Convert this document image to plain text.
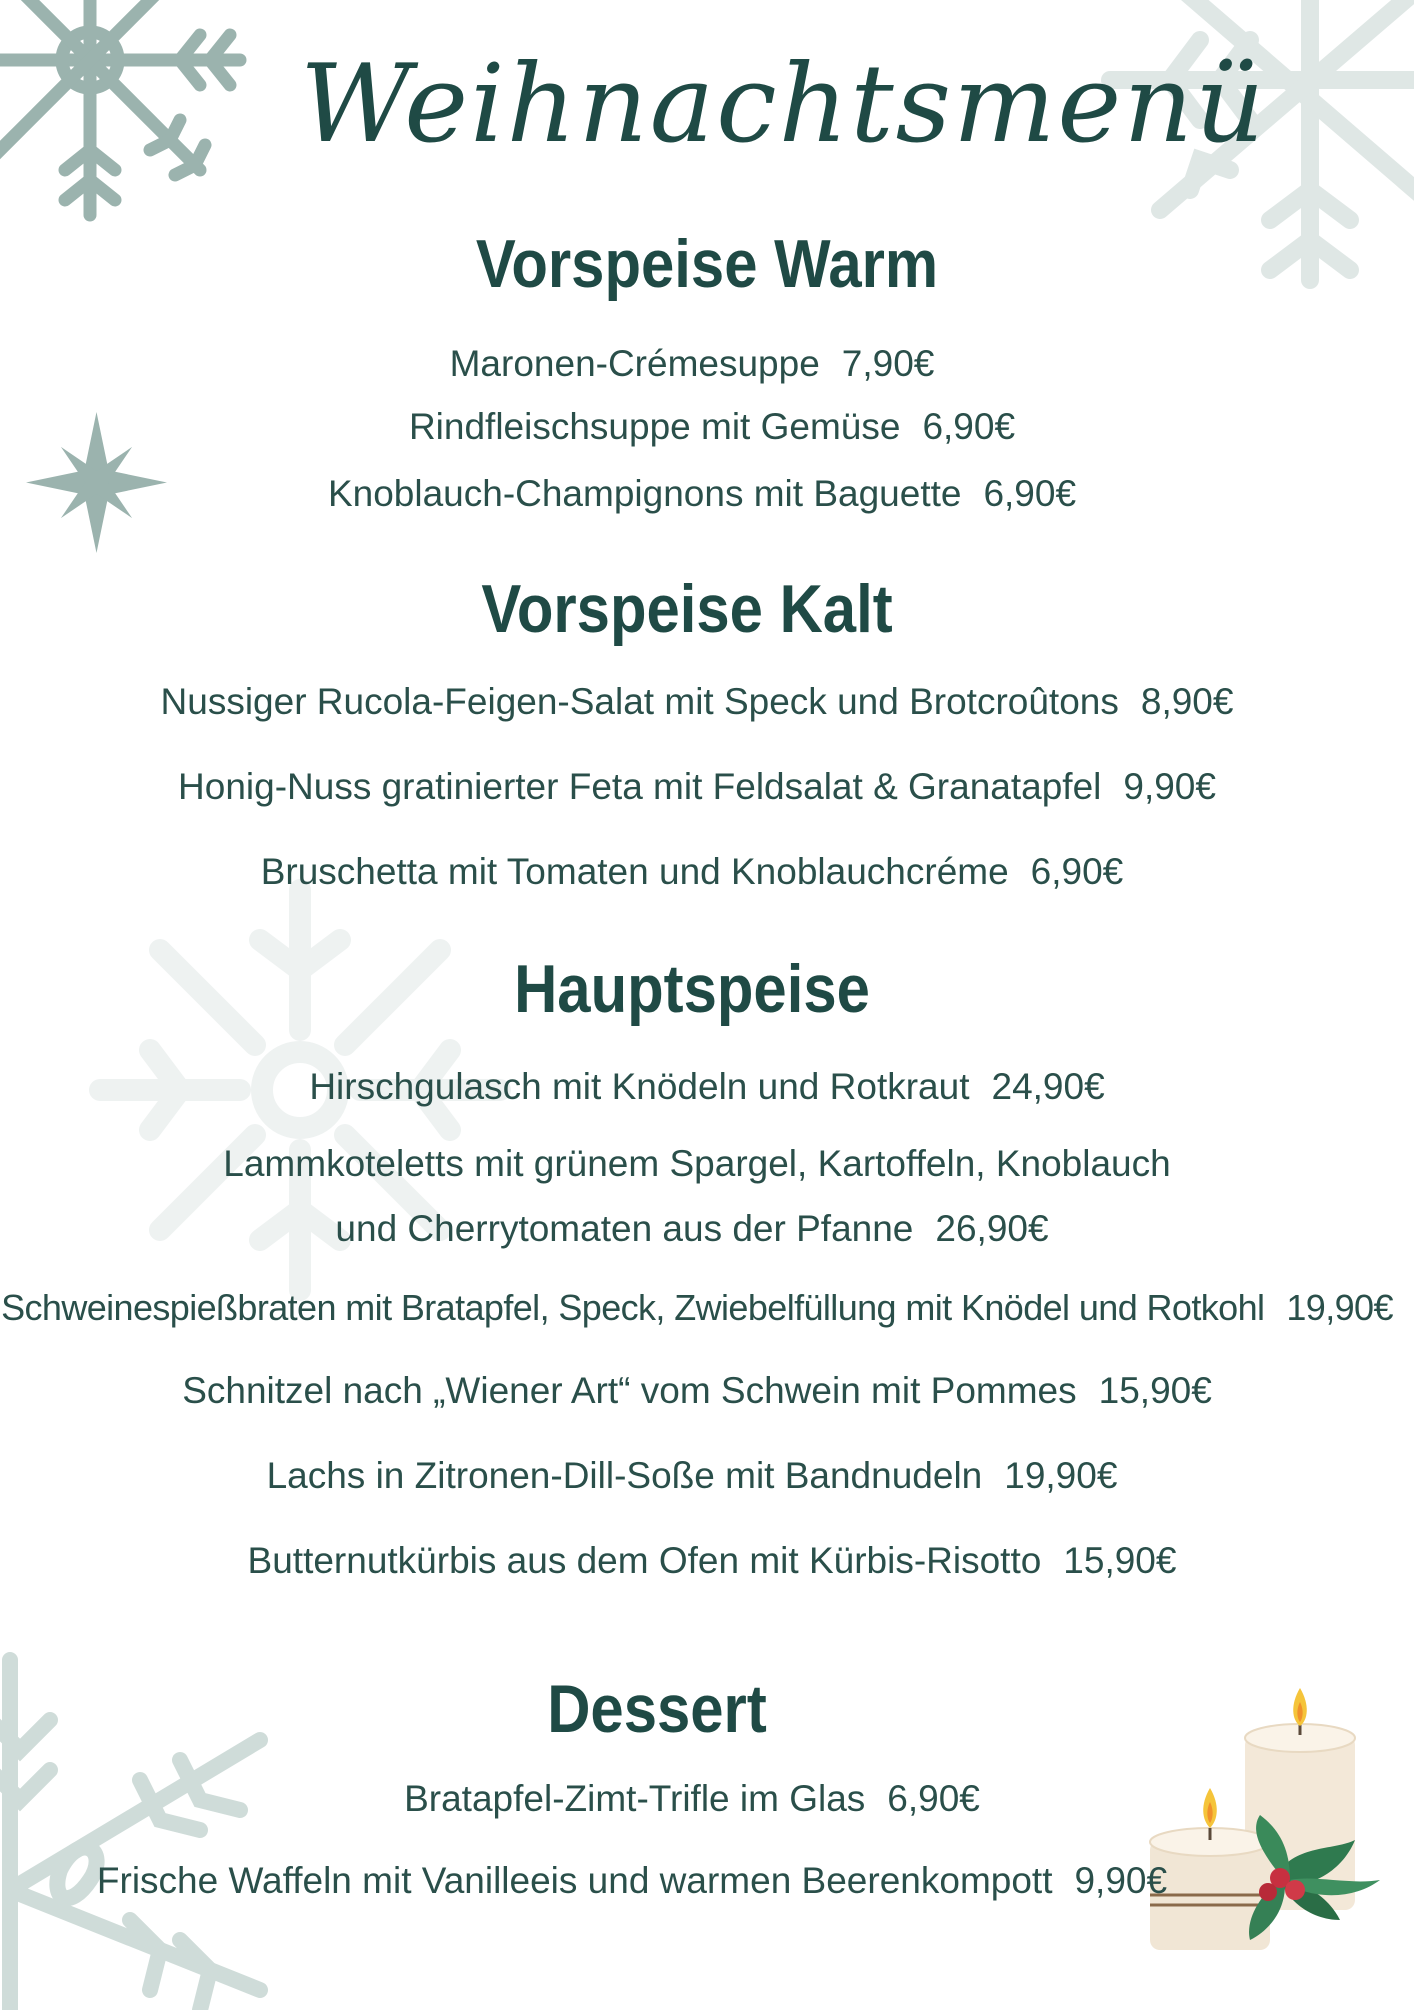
Weihnachtsmenü
Vorspeise Warm
Maronen-Crémesuppe 7,90€
Rindfleischsuppe mit Gemüse 6,90€
Knoblauch-Champignons mit Baguette 6,90€
Vorspeise Kalt
Nussiger Rucola-Feigen-Salat mit Speck und Brotcroûtons 8,90€
Honig-Nuss gratinierter Feta mit Feldsalat & Granatapfel 9,90€
Bruschetta mit Tomaten und Knoblauchcréme 6,90€
Hauptspeise
Hirschgulasch mit Knödeln und Rotkraut 24,90€
Lammkoteletts mit grünem Spargel, Kartoffeln, Knoblauch
und Cherrytomaten aus der Pfanne 26,90€
Schweinespießbraten mit Bratapfel, Speck, Zwiebelfüllung mit Knödel und Rotkohl 19,90€
Schnitzel nach „Wiener Art“ vom Schwein mit Pommes 15,90€
Lachs in Zitronen-Dill-Soße mit Bandnudeln 19,90€
Butternutkürbis aus dem Ofen mit Kürbis-Risotto 15,90€
Dessert
Bratapfel-Zimt-Trifle im Glas 6,90€
Frische Waffeln mit Vanilleeis und warmen Beerenkompott 9,90€
